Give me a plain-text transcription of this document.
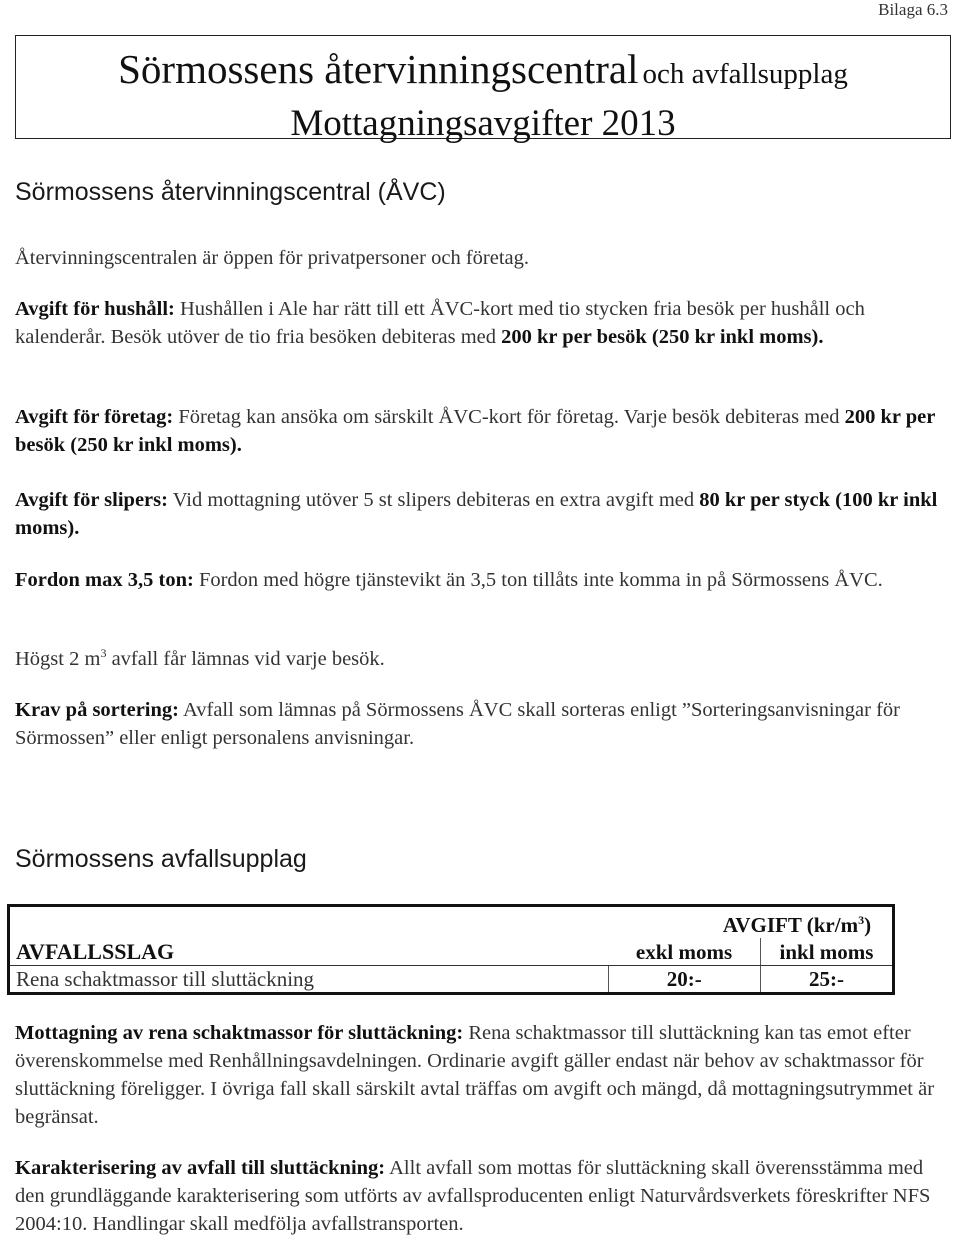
Bilaga 6.3
Sörmossens återvinningscentral och avfallsupplag
Mottagningsavgifter 2013
Sörmossens återvinningscentral (ÅVC)

Återvinningscentralen är öppen för privatpersoner och företag.

Avgift för hushåll: Hushållen i Ale har rätt till ett ÅVC-kort med tio stycken fria besök per hushåll och kalenderår. Besök utöver de tio fria besöken debiteras med 200 kr per besök (250 kr inkl moms).

Avgift för företag: Företag kan ansöka om särskilt ÅVC-kort för företag. Varje besök debiteras med 200 kr per besök (250 kr inkl moms).

Avgift för slipers: Vid mottagning utöver 5 st slipers debiteras en extra avgift med 80 kr per styck (100 kr inkl moms).

Fordon max 3,5 ton: Fordon med högre tjänstevikt än 3,5 ton tillåts inte komma in på Sörmossens ÅVC.

Högst 2 $m^3$ avfall får lämnas vid varje besök.

Krav på sortering: Avfall som lämnas på Sörmossens ÅVC skall sorteras enligt ”Sorteringsanvisningar för Sörmossen” eller enligt personalens anvisningar.

Sörmossens avfallsupplag
	AVGIFT $(kr/m^3)$	
AVFALLSSLAG	exkl moms	inkl moms
Rena schaktmassor till sluttäckning	20:-	25:-

Mottagning av rena schaktmassor för sluttäckning: Rena schaktmassor till sluttäckning kan tas emot efter överenskommelse med Renhållningsavdelningen. Ordinarie avgift gäller endast när behov av schaktmassor för sluttäckning föreligger. I övriga fall skall särskilt avtal träffas om avgift och mängd, då mottagningsutrymmet är begränsat.

Karakterisering av avfall till sluttäckning: Allt avfall som mottas för sluttäckning skall överensstämma med den grundläggande karakterisering som utförts av avfallsproducenten enligt Naturvårdsverkets föreskrifter NFS 2004:10. Handlingar skall medfölja avfallstransporten.
